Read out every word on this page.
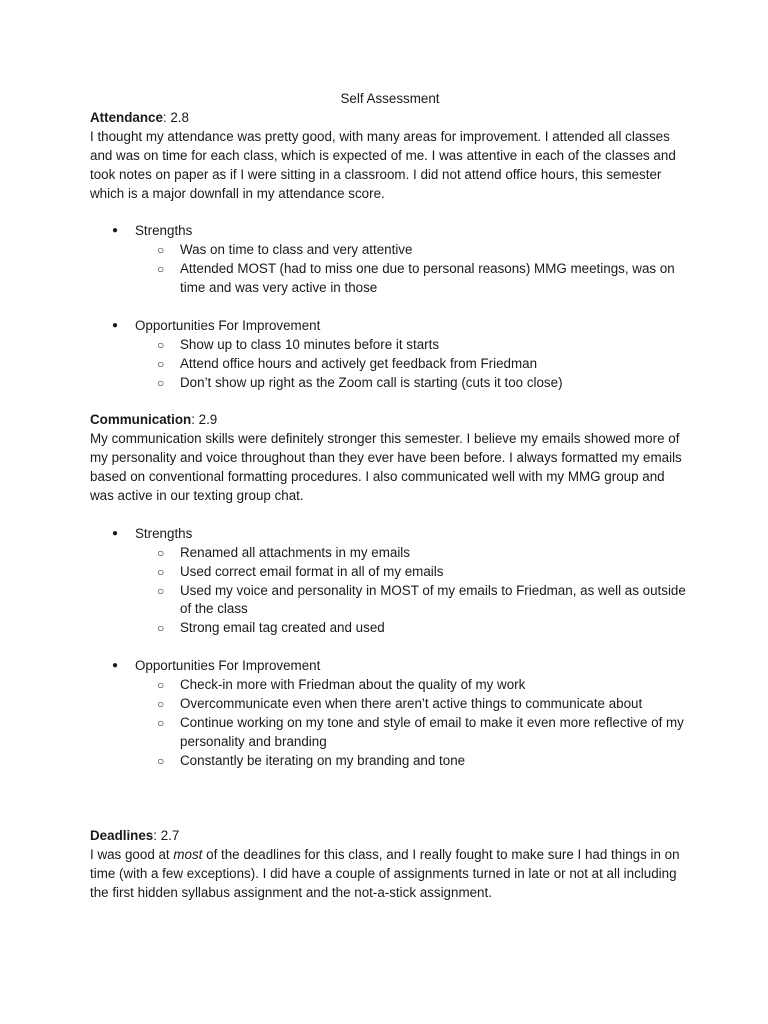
Self Assessment

Attendance: 2.8

I thought my attendance was pretty good, with many areas for improvement. I attended all classes and was on time for each class, which is expected of me. I was attentive in each of the classes and took notes on paper as if I were sitting in a classroom. I did not attend office hours, this semester which is a major downfall in my attendance score.

● Strengths
○ Was on time to class and very attentive
○ Attended MOST (had to miss one due to personal reasons) MMG meetings, was on time and was very active in those
● Opportunities For Improvement
○ Show up to class 10 minutes before it starts
○ Attend office hours and actively get feedback from Friedman
○ Don’t show up right as the Zoom call is starting (cuts it too close)

Communication: 2.9

My communication skills were definitely stronger this semester. I believe my emails showed more of my personality and voice throughout than they ever have been before. I always formatted my emails based on conventional formatting procedures. I also communicated well with my MMG group and was active in our texting group chat.

● Strengths
○ Renamed all attachments in my emails
○ Used correct email format in all of my emails
○ Used my voice and personality in MOST of my emails to Friedman, as well as outside of the class
○ Strong email tag created and used
● Opportunities For Improvement
○ Check-in more with Friedman about the quality of my work
○ Overcommunicate even when there aren’t active things to communicate about
○ Continue working on my tone and style of email to make it even more reflective of my personality and branding
○ Constantly be iterating on my branding and tone

Deadlines: 2.7

I was good at most of the deadlines for this class, and I really fought to make sure I had things in on time (with a few exceptions). I did have a couple of assignments turned in late or not at all including the first hidden syllabus assignment and the not-a-stick assignment.
